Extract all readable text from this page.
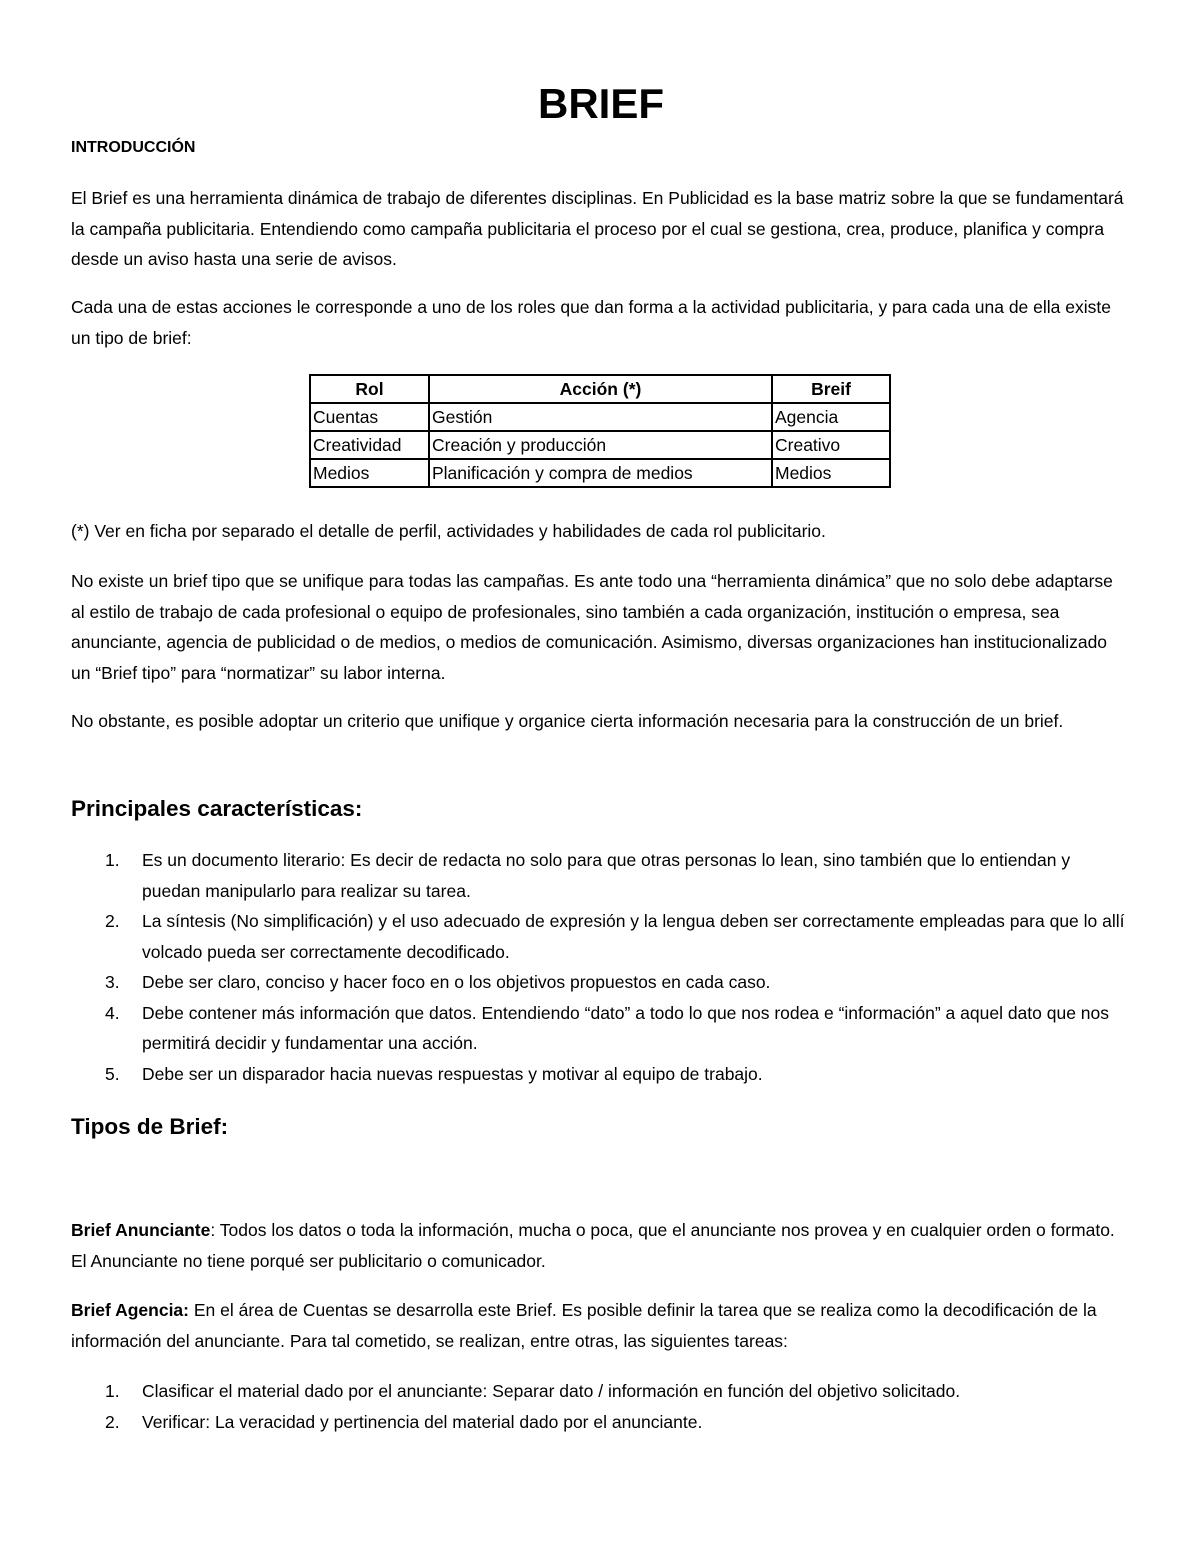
BRIEF
INTRODUCCIÓN

El Brief es una herramienta dinámica de trabajo de diferentes disciplinas. En Publicidad es la base matriz sobre la que se fundamentará la campaña publicitaria. Entendiendo como campaña publicitaria el proceso por el cual se gestiona, crea, produce, planifica y compra desde un aviso hasta una serie de avisos.

Cada una de estas acciones le corresponde a uno de los roles que dan forma a la actividad publicitaria, y para cada una de ella existe un tipo de brief:

Rol	Acción (*)	Breif
Cuentas	Gestión	Agencia
Creatividad	Creación y producción	Creativo
Medios	Planificación y compra de medios	Medios

(*) Ver en ficha por separado el detalle de perfil, actividades y habilidades de cada rol publicitario.

No existe un brief tipo que se unifique para todas las campañas. Es ante todo una “herramienta dinámica” que no solo debe adaptarse al estilo de trabajo de cada profesional o equipo de profesionales, sino también a cada organización, institución o empresa, sea anunciante, agencia de publicidad o de medios, o medios de comunicación. Asimismo, diversas organizaciones han institucionalizado un “Brief tipo” para “normatizar” su labor interna.

No obstante, es posible adoptar un criterio que unifique y organice cierta información necesaria para la construcción de un brief.

Principales características:
1. Es un documento literario: Es decir de redacta no solo para que otras personas lo lean, sino también que lo entiendan y puedan manipularlo para realizar su tarea.
2. La síntesis (No simplificación) y el uso adecuado de expresión y la lengua deben ser correctamente empleadas para que lo allí volcado pueda ser correctamente decodificado.
3. Debe ser claro, conciso y hacer foco en o los objetivos propuestos en cada caso.
4. Debe contener más información que datos. Entendiendo “dato” a todo lo que nos rodea e “información” a aquel dato que nos permitirá decidir y fundamentar una acción.
5. Debe ser un disparador hacia nuevas respuestas y motivar al equipo de trabajo.
Tipos de Brief:

Brief Anunciante: Todos los datos o toda la información, mucha o poca, que el anunciante nos provea y en cualquier orden o formato. El Anunciante no tiene porqué ser publicitario o comunicador.

Brief Agencia: En el área de Cuentas se desarrolla este Brief. Es posible definir la tarea que se realiza como la decodificación de la información del anunciante. Para tal cometido, se realizan, entre otras, las siguientes tareas:

1. Clasificar el material dado por el anunciante: Separar dato / información en función del objetivo solicitado.
2. Verificar: La veracidad y pertinencia del material dado por el anunciante.
